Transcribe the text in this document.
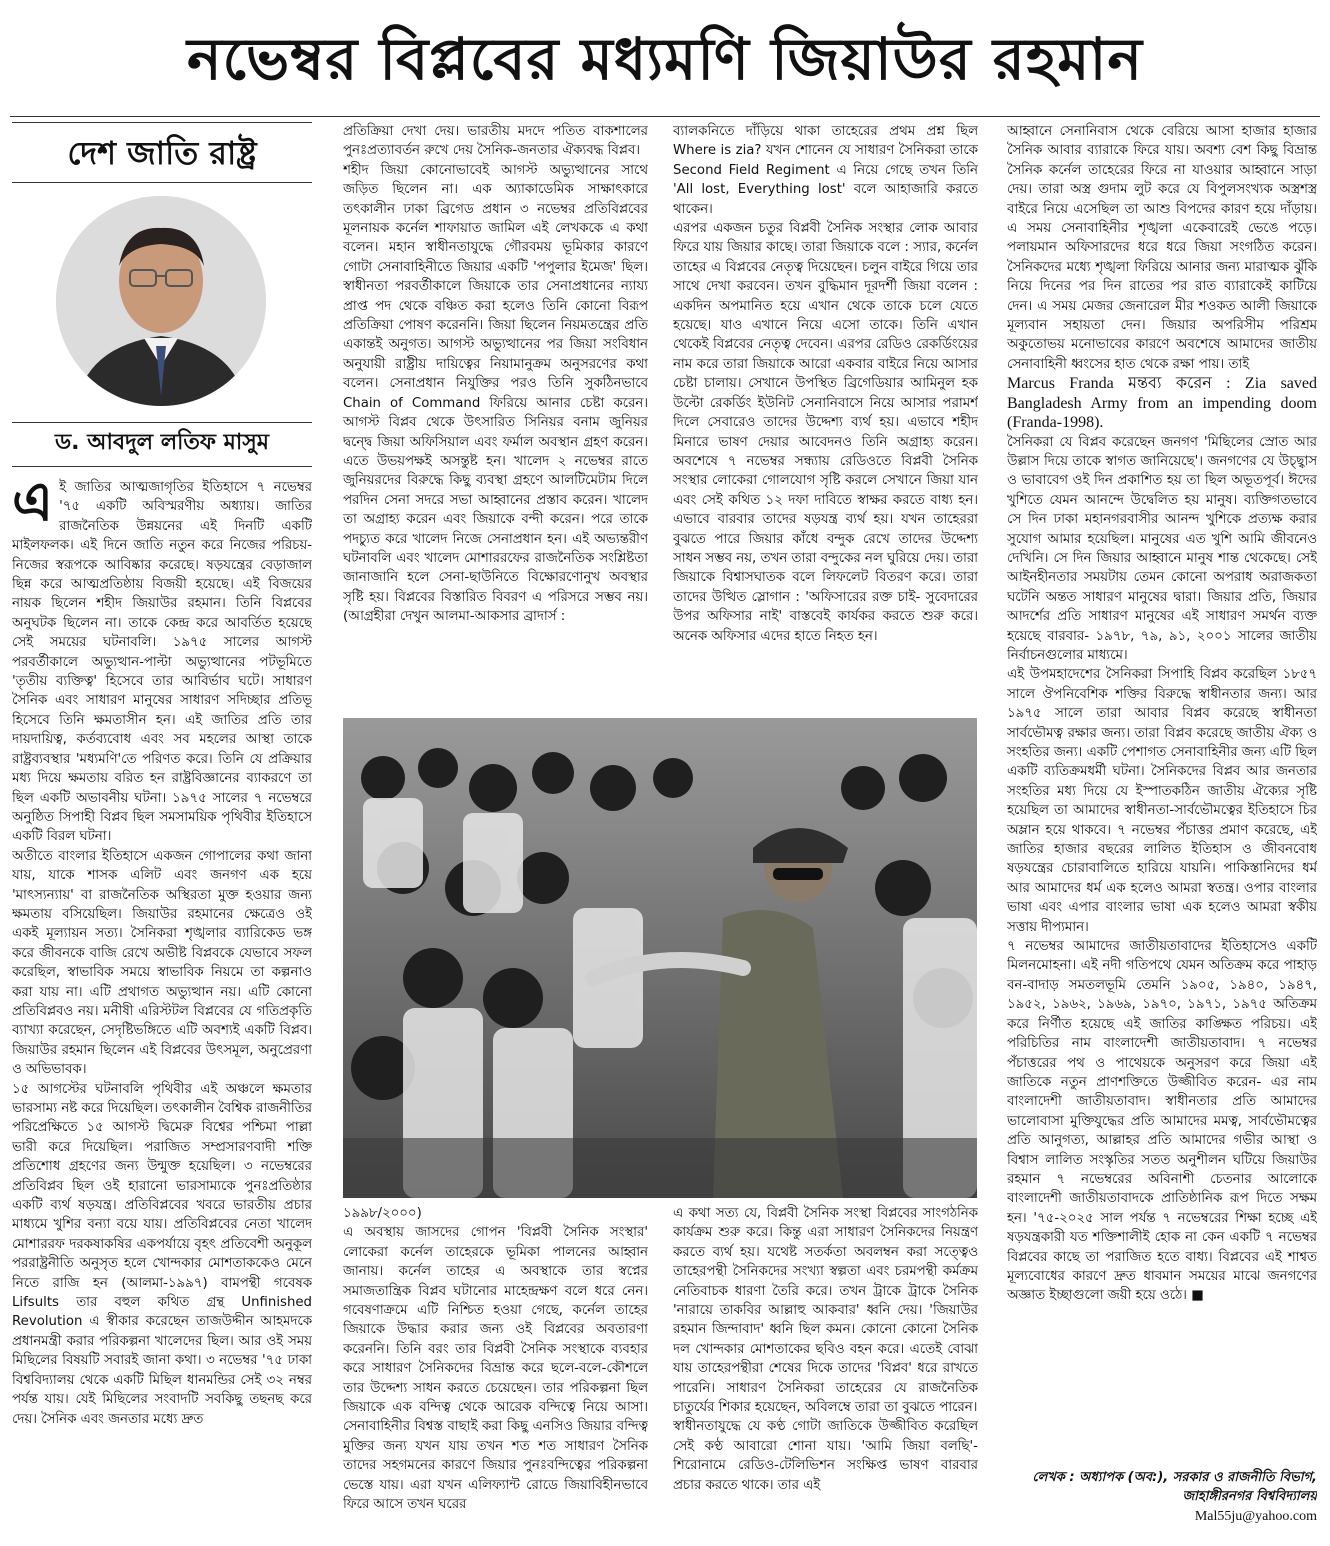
নভেম্বর বিপ্লবের মধ্যমণি জিয়াউর রহমান
দেশ জাতি রাষ্ট্র
ড. আবদুল লতিফ মাসুম

এই জাতির আত্মজাগৃতির ইতিহাসে ৭ নভেম্বর '৭৫ একটি অবিস্মরণীয় অধ্যায়। জাতির রাজনৈতিক উন্নয়নের এই দিনটি একটি মাইলফলক। এই দিনে জাতি নতুন করে নিজের পরিচয়-নিজের স্বরূপকে আবিষ্কার করেছে। ষড়যন্ত্রের বেড়াজাল ছিন্ন করে আত্মপ্রতিষ্ঠায় বিজয়ী হয়েছে। এই বিজয়ের নায়ক ছিলেন শহীদ জিয়াউর রহমান। তিনি বিপ্লবের অনুঘটক ছিলেন না। তাকে কেন্দ্র করে আবর্তিত হয়েছে সেই সময়ের ঘটনাবলি। ১৯৭৫ সালের আগস্ট পরবর্তীকালে অভ্যুত্থান-পাল্টা অভ্যুত্থানের পটভূমিতে 'তৃতীয় ব্যক্তিত্ব' হিসেবে তার আবির্ভাব ঘটে। সাধারণ সৈনিক এবং সাধারণ মানুষের সাধারণ সদিচ্ছার প্রতিভূ হিসেবে তিনি ক্ষমতাসীন হন। এই জাতির প্রতি তার দায়দায়িত্ব, কর্তব্যবোধ এবং সব মহলের আস্থা তাকে রাষ্ট্রব্যবস্থার 'মধ্যমণি'তে পরিণত করে। তিনি যে প্রক্রিয়ার মধ্য দিয়ে ক্ষমতায় বরিত হন রাষ্ট্রবিজ্ঞানের ব্যাকরণে তা ছিল একটি অভাবনীয় ঘটনা। ১৯৭৫ সালের ৭ নভেম্বরে অনুষ্ঠিত সিপাহী বিপ্লব ছিল সমসাময়িক পৃথিবীর ইতিহাসে একটি বিরল ঘটনা।

অতীতে বাংলার ইতিহাসে একজন গোপালের কথা জানা যায়, যাকে শাসক এলিট এবং জনগণ এক হয়ে 'মাৎস্যন্যায়' বা রাজনৈতিক অস্থিরতা মুক্ত হওয়ার জন্য ক্ষমতায় বসিয়েছিল। জিয়াউর রহমানের ক্ষেত্রেও ওই একই মূল্যায়ন সত্য। সৈনিকরা শৃঙ্খলার ব্যারিকেড ভঙ্গ করে জীবনকে বাজি রেখে অভীষ্ট বিপ্লবকে যেভাবে সফল করেছিল, স্বাভাবিক সময়ে স্বাভাবিক নিয়মে তা কল্পনাও করা যায় না। এটি প্রথাগত অভ্যুত্থান নয়। এটি কোনো প্রতিবিপ্লবও নয়। মনীষী এরিস্টটল বিপ্লবের যে গতিপ্রকৃতি ব্যাখ্যা করেছেন, সেদৃষ্টিভঙ্গিতে এটি অবশ্যই একটি বিপ্লব। জিয়াউর রহমান ছিলেন এই বিপ্লবের উৎসমূল, অনুপ্রেরণা ও অভিভাবক।

১৫ আগস্টের ঘটনাবলি পৃথিবীর এই অঞ্চলে ক্ষমতার ভারসাম্য নষ্ট করে দিয়েছিল। তৎকালীন বৈশ্বিক রাজনীতির পরিপ্রেক্ষিতে ১৫ আগস্ট দ্বিমেরু বিশ্বের পশ্চিমা পাল্লা ভারী করে দিয়েছিল। পরাজিত সম্প্রসারণবাদী শক্তি প্রতিশোধ গ্রহণের জন্য উন্মুক্ত হয়েছিল। ৩ নভেম্বরের প্রতিবিপ্লব ছিল ওই হারানো ভারসাম্যকে পুনঃপ্রতিষ্ঠার একটি ব্যর্থ ষড়যন্ত্র। প্রতিবিপ্লবের খবরে ভারতীয় প্রচার মাধ্যমে খুশির বন্যা বয়ে যায়। প্রতিবিপ্লবের নেতা খালেদ মোশাররফ দরকষাকষির একপর্যায়ে বৃহৎ প্রতিবেশী অনুকূল পররাষ্ট্রনীতি অনুসৃত হলে খোন্দকার মোশতাককেও মেনে নিতে রাজি হন (আলমা-১৯৯৭) বামপন্থী গবেষক Lifsults তার বহুল কথিত গ্রন্থ Unfinished Revolution এ স্বীকার করেছেন তাজউদ্দীন আহমদকে প্রধানমন্ত্রী করার পরিকল্পনা খালেদের ছিল। আর ওই সময় মিছিলের বিষয়টি সবারই জানা কথা। ৩ নভেম্বর '৭৫ ঢাকা বিশ্ববিদ্যালয় থেকে একটি মিছিল ধানমন্ডির সেই ৩২ নম্বর পর্যন্ত যায়। যেই মিছিলের সংবাদটি সবকিছু তছনছ করে দেয়। সৈনিক এবং জনতার মধ্যে দ্রুত

প্রতিক্রিয়া দেখা দেয়। ভারতীয় মদদে পতিত বাকশালের পুনঃপ্রত্যাবর্তন রুখে দেয় সৈনিক-জনতার ঐক্যবদ্ধ বিপ্লব।

শহীদ জিয়া কোনোভাবেই আগস্ট অভ্যুত্থানের সাথে জড়িত ছিলেন না। এক অ্যাকাডেমিক সাক্ষাৎকারে তৎকালীন ঢাকা ব্রিগেড প্রধান ৩ নভেম্বর প্রতিবিপ্লবের মূলনায়ক কর্নেল শাফায়াত জামিল এই লেখককে এ কথা বলেন। মহান স্বাধীনতাযুদ্ধে গৌরবময় ভূমিকার কারণে গোটা সেনাবাহিনীতে জিয়ার একটি 'পপুলার ইমেজ' ছিল। স্বাধীনতা পরবর্তীকালে জিয়াকে তার সেনাপ্রধানের ন্যায্য প্রাপ্ত পদ থেকে বঞ্চিত করা হলেও তিনি কোনো বিরূপ প্রতিক্রিয়া পোষণ করেননি। জিয়া ছিলেন নিয়মতন্ত্রের প্রতি একান্তই অনুগত। আগস্ট অভ্যুত্থানের পর জিয়া সংবিধান অনুযায়ী রাষ্ট্রীয় দায়িত্বের নিয়ামানুক্রম অনুসরণের কথা বলেন। সেনাপ্রধান নিযুক্তির পরও তিনি সুকঠিনভাবে Chain of Command ফিরিয়ে আনার চেষ্টা করেন। আগস্ট বিপ্লব থেকে উৎসারিত সিনিয়র বনাম জুনিয়র দ্বন্দ্বে জিয়া অফিসিয়াল এবং ফর্মাল অবস্থান গ্রহণ করেন। এতে উভয়পক্ষই অসন্তুষ্ট হন। খালেদ ২ নভেম্বর রাতে জুনিয়রদের বিরুদ্ধে কিছু ব্যবস্থা গ্রহণে আলটিমেটাম দিলে পরদিন সেনা সদরে সভা আহ্বানের প্রস্তাব করেন। খালেদ তা অগ্রাহ্য করেন এবং জিয়াকে বন্দী করেন। পরে তাকে পদচ্যুত করে খালেদ নিজে সেনাপ্রধান হন। এই অভ্যন্তরীণ ঘটনাবলি এবং খালেদ মোশাররফের রাজনৈতিক সংশ্লিষ্টতা জানাজানি হলে সেনা-ছাউনিতে বিক্ষোরণোনুখ অবস্থার সৃষ্টি হয়। বিপ্লবের বিস্তারিত বিবরণ এ পরিসরে সম্ভব নয়। (আগ্রহীরা দেখুন আলমা-আকসার ব্রাদার্স :

ব্যালকনিতে দাঁড়িয়ে থাকা তাহেরের প্রথম প্রশ্ন ছিল Where is zia? যখন শোনেন যে সাধারণ সৈনিকরা তাকে Second Field Regiment এ নিয়ে গেছে তখন তিনি 'All lost, Everything lost' বলে আহাজারি করতে থাকেন।

এরপর একজন চতুর বিপ্লবী সৈনিক সংস্থার লোক আবার ফিরে যায় জিয়ার কাছে। তারা জিয়াকে বলে : স্যার, কর্নেল তাহের এ বিপ্লবের নেতৃত্ব দিয়েছেন। চলুন বাইরে গিয়ে তার সাথে দেখা করবেন। তখন বুদ্ধিমান দূরদর্শী জিয়া বলেন : একদিন অপমানিত হয়ে এখান থেকে তাকে চলে যেতে হয়েছে। যাও এখানে নিয়ে এসো তাকে। তিনি এখান থেকেই বিপ্লবের নেতৃত্ব দেবেন। এরপর রেডিও রেকর্ডিংয়ের নাম করে তারা জিয়াকে আরো একবার বাইরে নিয়ে আসার চেষ্টা চালায়। সেখানে উপস্থিত ব্রিগেডিয়ার আমিনুল হক উল্টো রেকর্ডিং ইউনিট সেনানিবাসে নিয়ে আসার পরামর্শ দিলে সেবারেও তাদের উদ্দেশ্য ব্যর্থ হয়। এভাবে শহীদ মিনারে ভাষণ দেয়ার আবেদনও তিনি অগ্রাহ্য করেন। অবশেষে ৭ নভেম্বর সন্ধ্যায় রেডিওতে বিপ্লবী সৈনিক সংস্থার লোকেরা গোলযোগ সৃষ্টি করলে সেখানে জিয়া যান এবং সেই কথিত ১২ দফা দাবিতে স্বাক্ষর করতে বাধ্য হন। এভাবে বারবার তাদের ষড়যন্ত্র ব্যর্থ হয়। যখন তাহেররা বুঝতে পারে জিয়ার কাঁধে বন্দুক রেখে তাদের উদ্দেশ্য সাধন সম্ভব নয়, তখন তারা বন্দুকের নল ঘুরিয়ে দেয়। তারা জিয়াকে বিশ্বাসঘাতক বলে লিফলেট বিতরণ করে। তারা তাদের উত্থিত স্লোগান : 'অফিসারের রক্ত চাই- সুবেদারের উপর অফিসার নাই' বাস্তবেই কার্যকর করতে শুরু করে। অনেক অফিসার এদের হাতে নিহত হন।

১৯৯৮/২০০০)

এ অবস্থায় জাসদের গোপন 'বিপ্লবী সৈনিক সংস্থার' লোকেরা কর্নেল তাহেরকে ভূমিকা পালনের আহ্বান জানায়। কর্নেল তাহের এ অবস্থাকে তার স্বপ্নের সমাজতান্ত্রিক বিপ্লব ঘটানোর মাহেন্দ্রক্ষণ বলে ধরে নেন। গবেষণাক্রমে এটি নিশ্চিত হওয়া গেছে, কর্নেল তাহের জিয়াকে উদ্ধার করার জন্য ওই বিপ্লবের অবতারণা করেননি। তিনি বরং তার বিপ্লবী সৈনিক সংস্থাকে ব্যবহার করে সাধারণ সৈনিকদের বিভ্রান্ত করে ছলে-বলে-কৌশলে তার উদ্দেশ্য সাধন করতে চেয়েছেন। তার পরিকল্পনা ছিল জিয়াকে এক বন্দিত্ব থেকে আরেক বন্দিত্বে নিয়ে আসা। সেনাবাহিনীর বিশ্বস্ত বাছাই করা কিছু এনসিও জিয়ার বন্দিত্ব মুক্তির জন্য যখন যায় তখন শত শত সাধারণ সৈনিক তাদের সহগমনের কারণে জিয়ার পুনঃবন্দিত্বের পরিকল্পনা ভেস্তে যায়। এরা যখন এলিফ্যান্ট রোডে জিয়াবিহীনভাবে ফিরে আসে তখন ঘরের

এ কথা সত্য যে, বিপ্লবী সৈনিক সংস্থা বিপ্লবের সাংগঠনিক কার্যক্রম শুরু করে। কিন্তু এরা সাধারণ সৈনিকদের নিয়ন্ত্রণ করতে ব্যর্থ হয়। যথেষ্ট সতর্কতা অবলম্বন করা সত্ত্বেও তাহেরপন্থী সৈনিকদের সংখ্যা স্বল্পতা এবং চরমপন্থী কর্মক্রম নেতিবাচক ধারণা তৈরি করে। তখন ট্রাকে ট্রাকে সৈনিক 'নারায়ে তাকবির আল্লাহু আকবার' ধ্বনি দেয়। 'জিয়াউর রহমান জিন্দাবাদ' ধ্বনি ছিল কমন। কোনো কোনো সৈনিক দল খোন্দকার মোশতাকের ছবিও বহন করে। এতেই বোঝা যায় তাহেরপন্থীরা শেষের দিকে তাদের 'বিপ্লব' ধরে রাখতে পারেনি। সাধারণ সৈনিকরা তাহেরের যে রাজনৈতিক চাতুর্যের শিকার হয়েছেন, অবিলম্বে তারা তা বুঝতে পারেন।

স্বাধীনতাযুদ্ধে যে কণ্ঠ গোটা জাতিকে উজ্জীবিত করেছিল সেই কণ্ঠ আবারো শোনা যায়। 'আমি জিয়া বলছি'- শিরোনামে রেডিও-টেলিভিশন সংক্ষিপ্ত ভাষণ বারবার প্রচার করতে থাকে। তার এই

আহ্বানে সেনানিবাস থেকে বেরিয়ে আসা হাজার হাজার সৈনিক আবার ব্যারাকে ফিরে যায়। অবশ্য বেশ কিছু বিভ্রান্ত সৈনিক কর্নেল তাহেরের ফিরে না যাওয়ার আহ্বানে সাড়া দেয়। তারা অস্ত্র গুদাম লুট করে যে বিপুলসংখ্যক অস্ত্রশস্ত্র বাইরে নিয়ে এসেছিল তা আশু বিপদের কারণ হয়ে দাঁড়ায়। এ সময় সেনাবাহিনীর শৃঙ্খলা একেবারেই ভেঙে পড়ে। পলায়মান অফিসারদের ধরে ধরে জিয়া সংগঠিত করেন। সৈনিকদের মধ্যে শৃঙ্খলা ফিরিয়ে আনার জন্য মারাত্মক ঝুঁকি নিয়ে দিনের পর দিন রাতের পর রাত ব্যারাকেই কাটিয়ে দেন। এ সময় মেজর জেনারেল মীর শওকত আলী জিয়াকে মূল্যবান সহায়তা দেন। জিয়ার অপরিসীম পরিশ্রম অকুতোভয় মনোভাবের কারণে অবশেষে আমাদের জাতীয় সেনাবাহিনী ধ্বংসের হাত থেকে রক্ষা পায়। তাই

Marcus Franda মন্তব্য করেন : Zia saved Bangladesh Army from an impending doom (Franda-1998).

সৈনিকরা যে বিপ্লব করেছেন জনগণ 'মিছিলের স্রোত আর উল্লাস দিয়ে তাকে স্বাগত জানিয়েছে'। জনগণের যে উচ্ছ্বাস ও ভাবাবেগ ওই দিন প্রকাশিত হয় তা ছিল অভূতপূর্ব। ঈদের খুশিতে যেমন আনন্দে উদ্বেলিত হয় মানুষ। ব্যক্তিগতভাবে সে দিন ঢাকা মহানগরবাসীর আনন্দ খুশিকে প্রত্যক্ষ করার সুযোগ আমার হয়েছিল। মানুষের এত খুশি আমি জীবনেও দেখিনি। সে দিন জিয়ার আহ্বানে মানুষ শান্ত থেকেছে। সেই আইনহীনতার সময়টায় তেমন কোনো অপরাধ অরাজকতা ঘটেনি অন্তত সাধারণ মানুষের দ্বারা। জিয়ার প্রতি, জিয়ার আদর্শের প্রতি সাধারণ মানুষের এই সাধারণ সমর্থন ব্যক্ত হয়েছে বারবার- ১৯৭৮, ৭৯, ৯১, ২০০১ সালের জাতীয় নির্বাচনগুলোর মাধ্যমে।

এই উপমহাদেশের সৈনিকরা সিপাহি বিপ্লব করেছিল ১৮৫৭ সালে ঔপনিবেশিক শক্তির বিরুদ্ধে স্বাধীনতার জন্য। আর ১৯৭৫ সালে তারা আবার বিপ্লব করেছে স্বাধীনতা সার্বভৌমত্ব রক্ষার জন্য। তারা বিপ্লব করেছে জাতীয় ঐক্য ও সংহতির জন্য। একটি পেশাগত সেনাবাহিনীর জন্য এটি ছিল একটি ব্যতিক্রমধর্মী ঘটনা। সৈনিকদের বিপ্লব আর জনতার সংহতির মধ্য দিয়ে যে ইস্পাতকঠিন জাতীয় ঐক্যের সৃষ্টি হয়েছিল তা আমাদের স্বাধীনতা-সার্বভৌমত্বের ইতিহাসে চির অম্লান হয়ে থাকবে। ৭ নভেম্বর পঁচাত্তর প্রমাণ করেছে, এই জাতির হাজার বছরের লালিত ইতিহাস ও জীবনবোধ ষড়যন্ত্রের চোরাবালিতে হারিয়ে যায়নি। পাকিস্তানিদের ধর্ম আর আমাদের ধর্ম এক হলেও আমরা স্বতন্ত্র। ওপার বাংলার ভাষা এবং এপার বাংলার ভাষা এক হলেও আমরা স্বকীয় সত্তায় দীপ্যমান।

৭ নভেম্বর আমাদের জাতীয়তাবাদের ইতিহাসেও একটি মিলনমোহনা। এই নদী গতিপথে যেমন অতিক্রম করে পাহাড় বন-বাদাড় সমতলভূমি তেমনি ১৯০৫, ১৯৪০, ১৯৪৭, ১৯৫২, ১৯৬২, ১৯৬৯, ১৯৭০, ১৯৭১, ১৯৭৫ অতিক্রম করে নির্ণীত হয়েছে এই জাতির কাঙ্ক্ষিত পরিচয়। এই পরিচিতির নাম বাংলাদেশী জাতীয়তাবাদ। ৭ নভেম্বর পঁচাত্তরের পথ ও পাথেয়কে অনুসরণ করে জিয়া এই জাতিকে নতুন প্রাণশক্তিতে উজ্জীবিত করেন- এর নাম বাংলাদেশী জাতীয়তাবাদ। স্বাধীনতার প্রতি আমাদের ভালোবাসা মুক্তিযুদ্ধের প্রতি আমাদের মমত্ব, সার্বভৌমত্বের প্রতি আনুগত্য, আল্লাহর প্রতি আমাদের গভীর আস্থা ও বিশ্বাস লালিত সংস্কৃতির সতত অনুশীলন ঘটিয়ে জিয়াউর রহমান ৭ নভেম্বরের অবিনাশী চেতনার আলোকে বাংলাদেশী জাতীয়তাবাদকে প্রাতিষ্ঠানিক রূপ দিতে সক্ষম হন। '৭৫-২০২৫ সাল পর্যন্ত ৭ নভেম্বরের শিক্ষা হচ্ছে এই ষড়যন্ত্রকারী যত শক্তিশালীই হোক না কেন একটি ৭ নভেম্বর বিপ্লবের কাছে তা পরাজিত হতে বাধ্য। বিপ্লবের এই শাশ্বত মূল্যবোধের কারণে দ্রুত ধাবমান সময়ের মাঝে জনগণের অজ্ঞাত ইচ্ছাগুলো জয়ী হয়ে ওঠে। ■

লেখক : অধ্যাপক (অব:), সরকার ও রাজনীতি বিভাগ, জাহাঙ্গীরনগর বিশ্ববিদ্যালয়

Mal55ju@yahoo.com
